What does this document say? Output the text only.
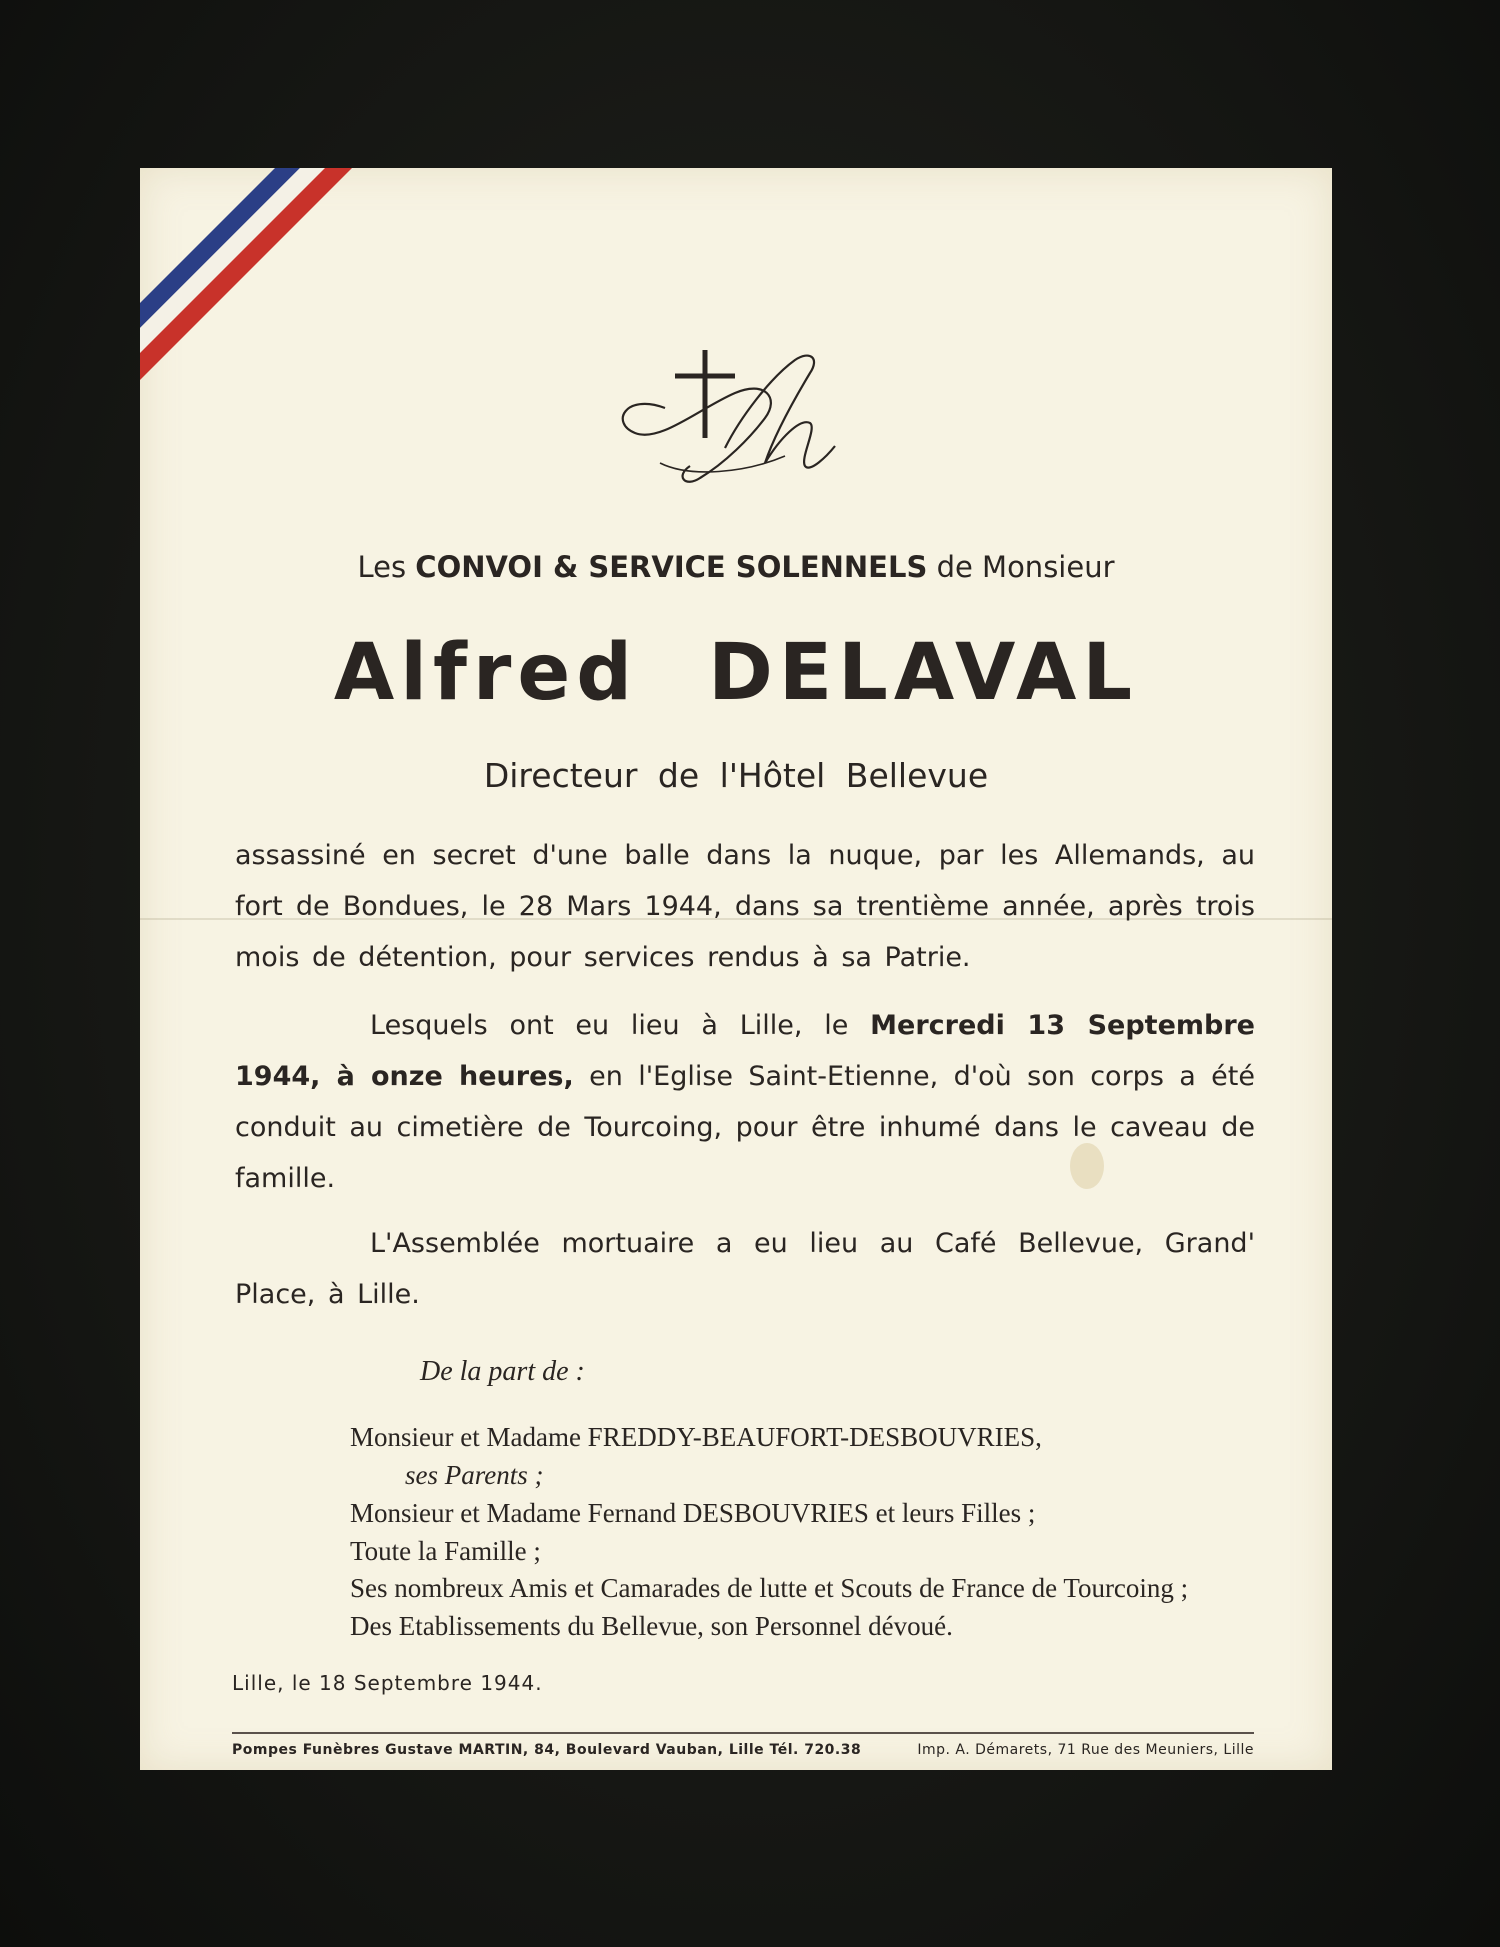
Les CONVOI & SERVICE SOLENNELS de Monsieur
Alfred DELAVAL
Directeur de l'Hôtel Bellevue
assassiné en secret d'une balle dans la nuque, par les Allemands, au fort de Bondues, le 28 Mars 1944, dans sa trentième année, après trois mois de détention, pour services rendus à sa Patrie.
Lesquels ont eu lieu à Lille, le Mercredi 13 Septembre 1944, à onze heures, en l'Eglise Saint-Etienne, d'où son corps a été conduit au cimetière de Tourcoing, pour être inhumé dans le caveau de famille.
L'Assemblée mortuaire a eu lieu au Café Bellevue, Grand' Place, à Lille.
De la part de :
Monsieur et Madame FREDDY-BEAUFORT-DESBOUVRIES,
ses Parents ;
Monsieur et Madame Fernand DESBOUVRIES et leurs Filles ;
Toute la Famille ;
Ses nombreux Amis et Camarades de lutte et Scouts de France de Tourcoing ;
Des Etablissements du Bellevue, son Personnel dévoué.
Lille, le 18 Septembre 1944.
Pompes Funèbres Gustave MARTIN, 84, Boulevard Vauban, Lille Tél. 720.38	Imp. A. Démarets, 71 Rue des Meuniers, Lille
